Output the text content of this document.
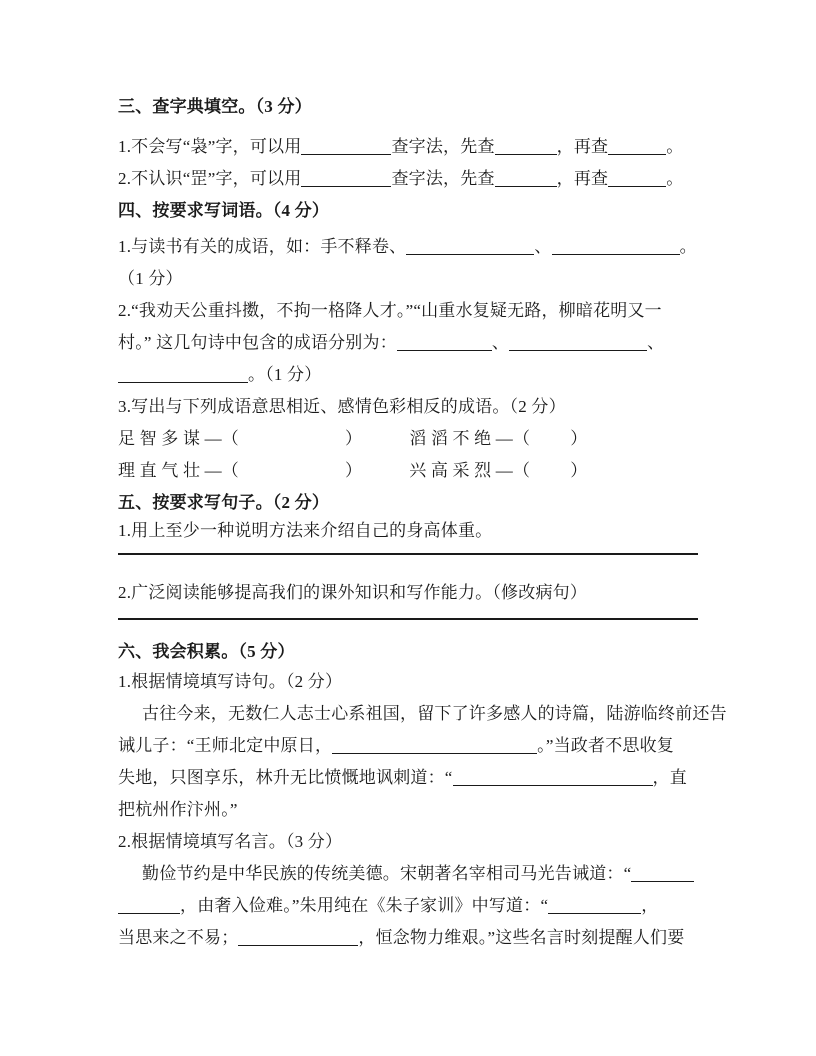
三、查字典填空。（3 分）
1.不会写“袅”字，可以用	查字法，先查	，再查	。
2.不认识“罡”字，可以用	查字法，先查	，再查	。
四、按要求写词语。（4 分）
1.与读书有关的成语，如：手不释卷、	、	。
（1 分）
2.“我劝天公重抖擞，不拘一格降人才。”“山重水复疑无路，柳暗花明又一
村。” 这几句诗中包含的成语分别为：	、	、
。（1 分）
3.写出与下列成语意思相近、感情色彩相反的成语。（2 分）
足 智 多 谋 —（	）	滔 滔 不 绝 —（ ）
理 直 气 壮 —（	）	兴 高 采 烈 —（ ）
五、按要求写句子。（2 分）
1.用上至少一种说明方法来介绍自己的身高体重。
2.广泛阅读能够提高我们的课外知识和写作能力。（修改病句）
六、我会积累。（5 分）
1.根据情境填写诗句。（2 分）
古往今来，无数仁人志士心系祖国，留下了许多感人的诗篇，陆游临终前还告
诫儿子：“王师北定中原日，	。”当政者不思收复
失地，只图享乐，林升无比愤慨地讽刺道：“	，直
把杭州作汴州。”
2.根据情境填写名言。（3 分）
勤俭节约是中华民族的传统美德。宋朝著名宰相司马光告诫道：“
，由奢入俭难。”朱用纯在《朱子家训》中写道：“	，
当思来之不易；	，恒念物力维艰。”这些名言时刻提醒人们要
